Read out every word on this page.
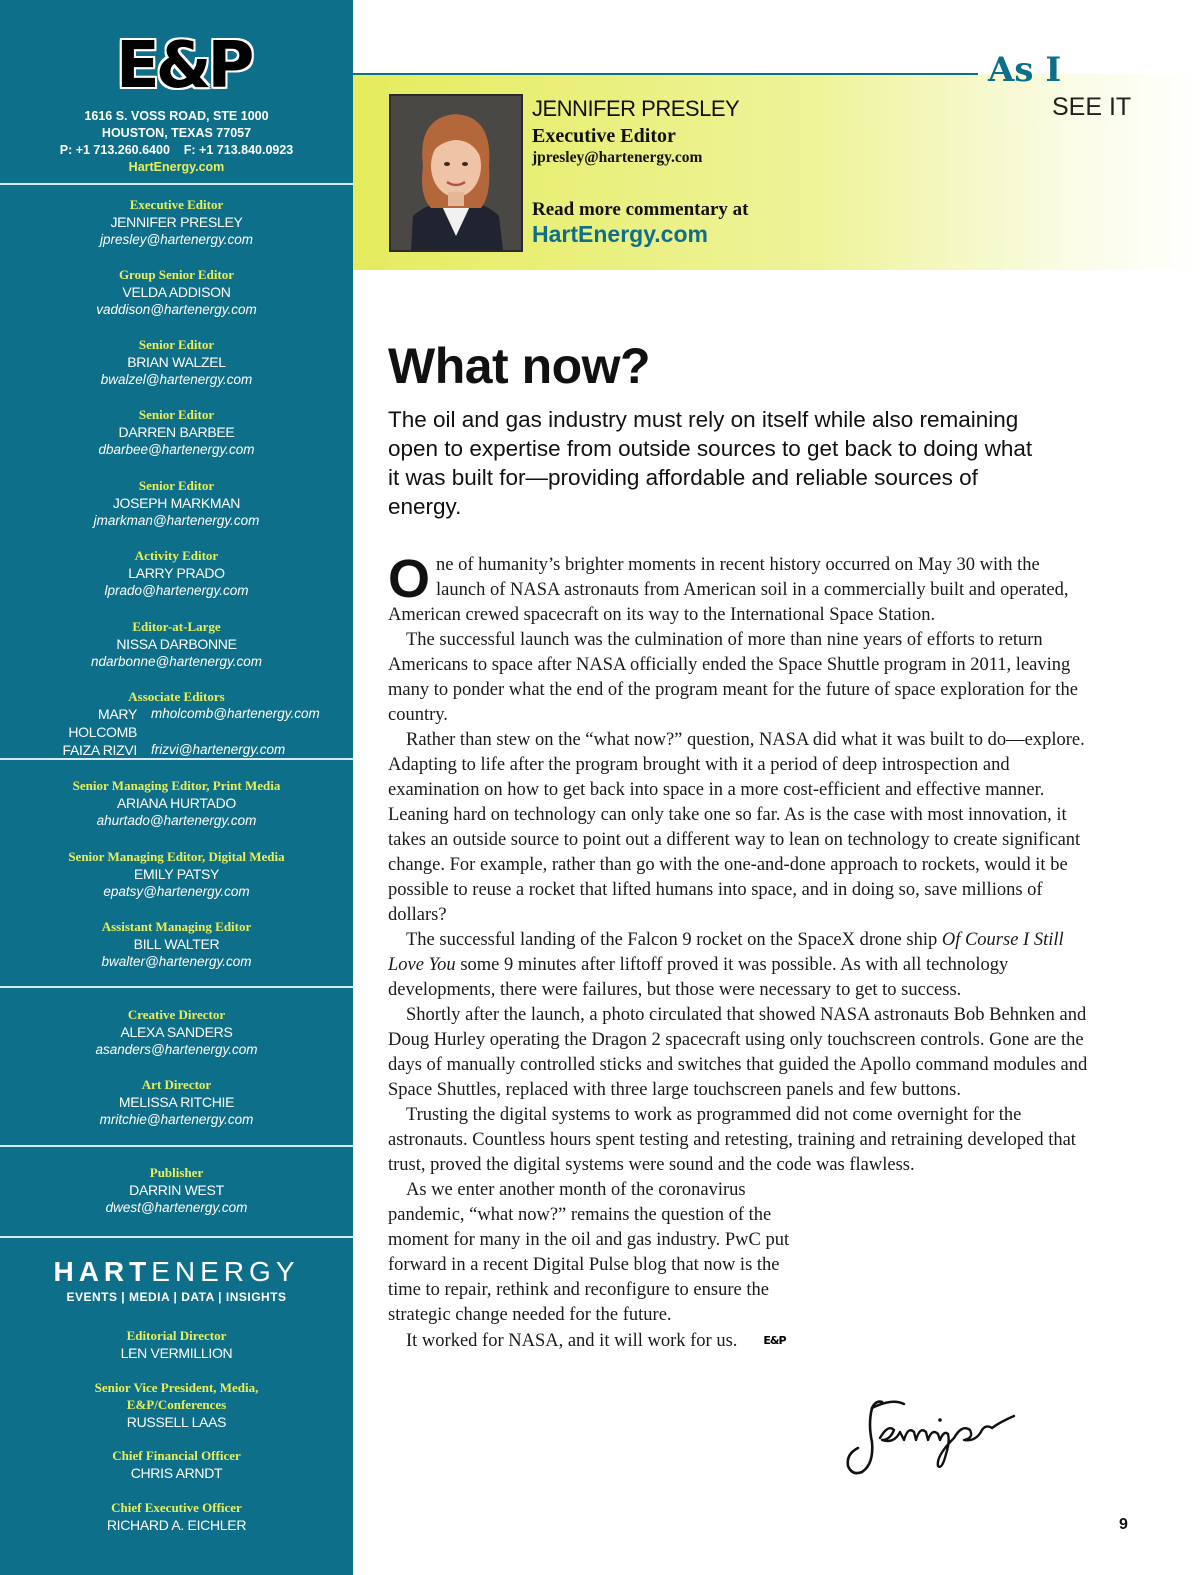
E&P
1616 S. VOSS ROAD, STE 1000
HOUSTON, TEXAS 77057
P: +1 713.260.6400    F: +1 713.840.0923
HartEnergy.com
Executive Editor
JENNIFER PRESLEY
jpresley@hartenergy.com
Group Senior Editor
VELDA ADDISON
vaddison@hartenergy.com
Senior Editor
BRIAN WALZEL
bwalzel@hartenergy.com
Senior Editor
DARREN BARBEE
dbarbee@hartenergy.com
Senior Editor
JOSEPH MARKMAN
jmarkman@hartenergy.com
Activity Editor
LARRY PRADO
lprado@hartenergy.com
Editor-at-Large
NISSA DARBONNE
ndarbonne@hartenergy.com
Associate Editors
MARY HOLCOMB
mholcomb@hartenergy.com
FAIZA RIZVI frizvi@hartenergy.com
Senior Managing Editor, Print Media
ARIANA HURTADO
ahurtado@hartenergy.com
Senior Managing Editor, Digital Media
EMILY PATSY
epatsy@hartenergy.com
Assistant Managing Editor
BILL WALTER
bwalter@hartenergy.com
Creative Director
ALEXA SANDERS
asanders@hartenergy.com
Art Director
MELISSA RITCHIE
mritchie@hartenergy.com
Publisher
DARRIN WEST
dwest@hartenergy.com
HARTENERGY
EVENTS | MEDIA | DATA | INSIGHTS
Editorial Director
LEN VERMILLION
Senior Vice President, Media,
E&P/Conferences
RUSSELL LAAS
Chief Financial Officer
CHRIS ARNDT
Chief Executive Officer
RICHARD A. EICHLER
As I
SEE IT
JENNIFER PRESLEY
Executive Editor
jpresley@hartenergy.com
Read more commentary at
HartEnergy.com
What now?
The oil and gas industry must rely on itself while also remaining open to expertise from outside sources to get back to doing what it was built for—providing affordable and reliable sources of energy.

One of humanity’s brighter moments in recent history occurred on May 30 with the launch of NASA astronauts from American soil in a commercially built and operated, American crewed spacecraft on its way to the International Space Station.

The successful launch was the culmination of more than nine years of efforts to return Americans to space after NASA officially ended the Space Shuttle program in 2011, leaving many to ponder what the end of the program meant for the future of space exploration for the country.

Rather than stew on the “what now?” question, NASA did what it was built to do—explore. Adapting to life after the program brought with it a period of deep introspection and examination on how to get back into space in a more cost-efficient and effective manner. Leaning hard on technology can only take one so far. As is the case with most innovation, it takes an outside source to point out a different way to lean on technology to create significant change. For example, rather than go with the one-and-done approach to rockets, would it be possible to reuse a rocket that lifted humans into space, and in doing so, save millions of dollars?

The successful landing of the Falcon 9 rocket on the SpaceX drone ship Of Course I Still Love You some 9 minutes after liftoff proved it was possible. As with all technology developments, there were failures, but those were necessary to get to success.

Shortly after the launch, a photo circulated that showed NASA astronauts Bob Behnken and Doug Hurley operating the Dragon 2 spacecraft using only touchscreen controls. Gone are the days of manually controlled sticks and switches that guided the Apollo command modules and Space Shuttles, replaced with three large touchscreen panels and few buttons.

Trusting the digital systems to work as programmed did not come overnight for the astronauts. Countless hours spent testing and retesting, training and retraining developed that trust, proved the digital systems were sound and the code was flawless.

As we enter another month of the coronavirus pandemic, “what now?” remains the question of the moment for many in the oil and gas industry. PwC put forward in a recent Digital Pulse blog that now is the time to repair, rethink and reconfigure to ensure the strategic change needed for the future.

It worked for NASA, and it will work for us. E&P

9
